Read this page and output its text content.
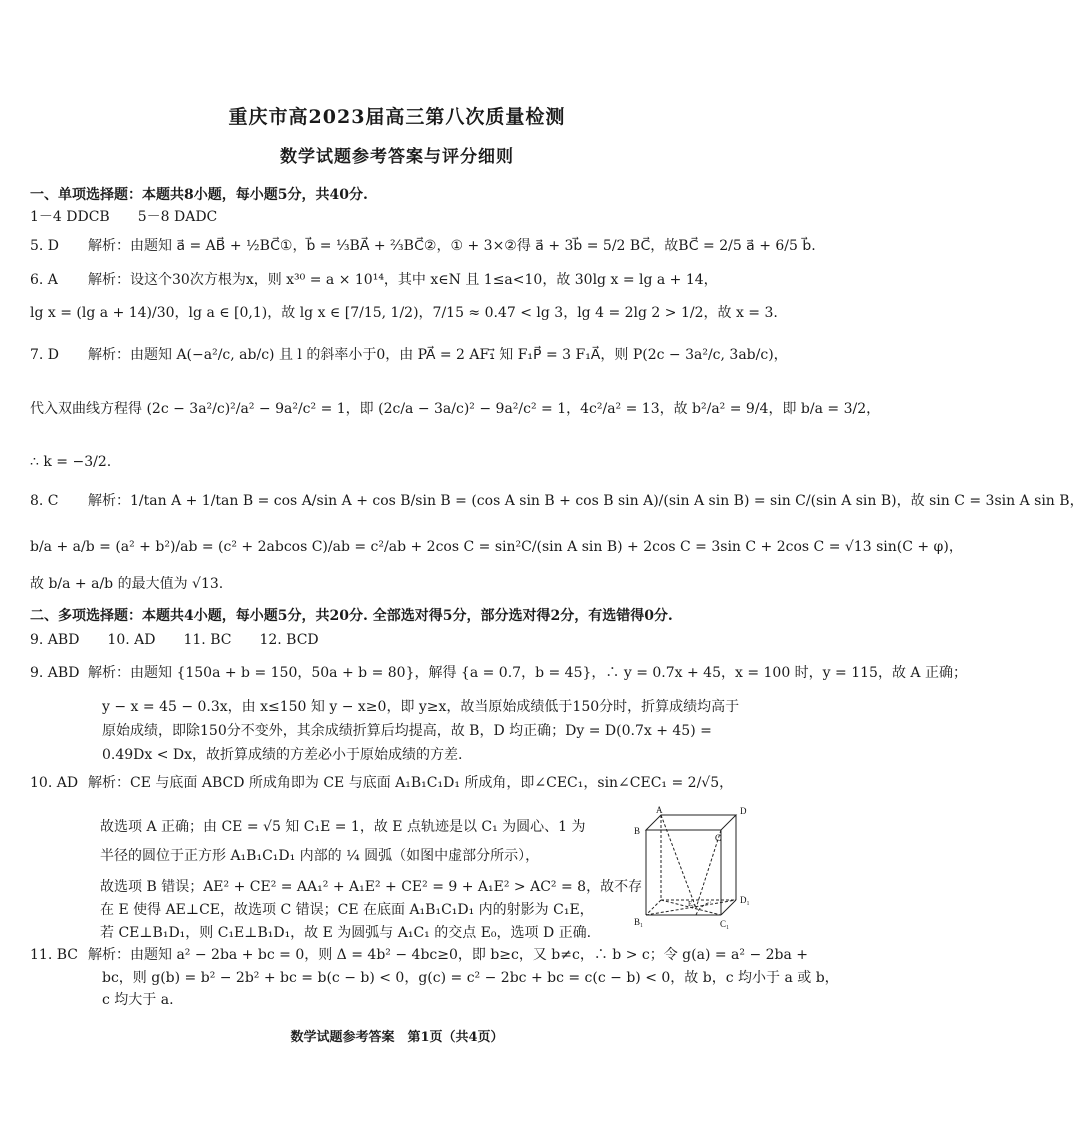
重庆市高2023届高三第八次质量检测
数学试题参考答案与评分细则
一、单项选择题：本题共8小题，每小题5分，共40分.
1－4 DDCB　　5－8 DADC
5. D 解析：由题知 a⃗ = AB⃗ + ½BC⃗①，b⃗ = ⅓BA⃗ + ⅔BC⃗②，① + 3×②得 a⃗ + 3b⃗ = 5/2 BC⃗，故BC⃗ = 2/5 a⃗ + 6/5 b⃗.
6. A 解析：设这个30次方根为x，则 x³⁰ = a × 10¹⁴，其中 x∈N 且 1≤a<10，故 30lg x = lg a + 14，
lg x = (lg a + 14)/30，lg a ∈ [0,1)，故 lg x ∈ [7/15, 1/2)，7/15 ≈ 0.47 < lg 3，lg 4 = 2lg 2 > 1/2，故 x = 3.
7. D 解析：由题知 A(−a²/c, ab/c) 且 l 的斜率小于0，由 PA⃗ = 2 AF₁⃗ 知 F₁P⃗ = 3 F₁A⃗，则 P(2c − 3a²/c, 3ab/c)，
代入双曲线方程得 (2c − 3a²/c)²/a² − 9a²/c² = 1，即 (2c/a − 3a/c)² − 9a²/c² = 1，4c²/a² = 13，故 b²/a² = 9/4，即 b/a = 3/2，
∴ k = −3/2.
8. C 解析：1/tan A + 1/tan B = cos A/sin A + cos B/sin B = (cos A sin B + cos B sin A)/(sin A sin B) = sin C/(sin A sin B)，故 sin C = 3sin A sin B，
b/a + a/b = (a² + b²)/ab = (c² + 2abcos C)/ab = c²/ab + 2cos C = sin²C/(sin A sin B) + 2cos C = 3sin C + 2cos C = √13 sin(C + φ)，
故 b/a + a/b 的最大值为 √13.
二、多项选择题：本题共4小题，每小题5分，共20分. 全部选对得5分，部分选对得2分，有选错得0分.
9. ABD　　10. AD　　11. BC　　12. BCD
9. ABD 解析：由题知 {150a + b = 150，50a + b = 80}，解得 {a = 0.7，b = 45}，∴ y = 0.7x + 45，x = 100 时，y = 115，故 A 正确；
y − x = 45 − 0.3x，由 x≤150 知 y − x≥0，即 y≥x，故当原始成绩低于150分时，折算成绩均高于
原始成绩，即除150分不变外，其余成绩折算后均提高，故 B，D 均正确；Dy = D(0.7x + 45) =
0.49Dx < Dx，故折算成绩的方差必小于原始成绩的方差.
10. AD 解析：CE 与底面 ABCD 所成角即为 CE 与底面 A₁B₁C₁D₁ 所成角，即∠CEC₁，sin∠CEC₁ = 2/√5，
故选项 A 正确；由 CE = √5 知 C₁E = 1，故 E 点轨迹是以 C₁ 为圆心、1 为
半径的圆位于正方形 A₁B₁C₁D₁ 内部的 ¼ 圆弧（如图中虚部分所示），
故选项 B 错误；AE² + CE² = AA₁² + A₁E² + CE² = 9 + A₁E² > AC² = 8，故不存
在 E 使得 AE⊥CE，故选项 C 错误；CE 在底面 A₁B₁C₁D₁ 内的射影为 C₁E，
若 CE⊥B₁D₁，则 C₁E⊥B₁D₁，故 E 为圆弧与 A₁C₁ 的交点 E₀，选项 D 正确.
A	D
B
C
D₁
B₁	C₁
E₀
11. BC 解析：由题知 a² − 2ba + bc = 0，则 Δ = 4b² − 4bc≥0，即 b≥c，又 b≠c，∴ b > c；令 g(a) = a² − 2ba +
bc，则 g(b) = b² − 2b² + bc = b(c − b) < 0，g(c) = c² − 2bc + bc = c(c − b) < 0，故 b，c 均小于 a 或 b，
c 均大于 a.
数学试题参考答案　第1页（共4页）
